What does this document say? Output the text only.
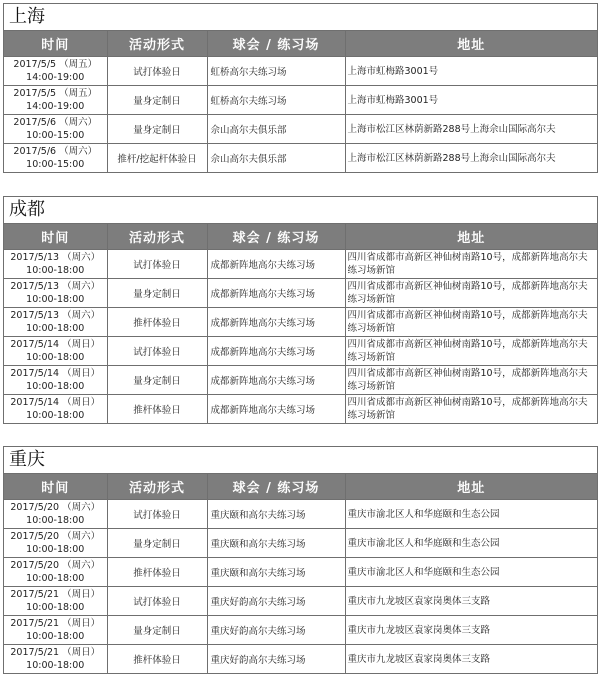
上海
时间	活动形式	球会 / 练习场	地址

2017/5/5 （周五）
14:00-19:00	试打体验日	虹桥高尔夫练习场	上海市虹梅路3001号

2017/5/5 （周五）
14:00-19:00	量身定制日	虹桥高尔夫练习场	上海市虹梅路3001号

2017/5/6 （周六）
10:00-15:00	量身定制日	佘山高尔夫俱乐部	上海市松江区林荫新路288号上海佘山国际高尔夫

2017/5/6 （周六）
10:00-15:00	推杆/挖起杆体验日	佘山高尔夫俱乐部	上海市松江区林荫新路288号上海佘山国际高尔夫
成都
时间	活动形式	球会 / 练习场	地址

2017/5/13 （周六）
10:00-18:00	试打体验日	成都新阵地高尔夫练习场	四川省成都市高新区神仙树南路10号，成都新阵地高尔夫练习场新馆

2017/5/13 （周六）
10:00-18:00	量身定制日	成都新阵地高尔夫练习场	四川省成都市高新区神仙树南路10号，成都新阵地高尔夫练习场新馆

2017/5/13 （周六）
10:00-18:00	推杆体验日	成都新阵地高尔夫练习场	四川省成都市高新区神仙树南路10号，成都新阵地高尔夫练习场新馆

2017/5/14 （周日）
10:00-18:00	试打体验日	成都新阵地高尔夫练习场	四川省成都市高新区神仙树南路10号，成都新阵地高尔夫练习场新馆

2017/5/14 （周日）
10:00-18:00	量身定制日	成都新阵地高尔夫练习场	四川省成都市高新区神仙树南路10号，成都新阵地高尔夫练习场新馆

2017/5/14 （周日）
10:00-18:00	推杆体验日	成都新阵地高尔夫练习场	四川省成都市高新区神仙树南路10号，成都新阵地高尔夫练习场新馆
重庆
时间	活动形式	球会 / 练习场	地址

2017/5/20 （周六）
10:00-18:00	试打体验日	重庆颐和高尔夫练习场	重庆市渝北区人和华庭颐和生态公园

2017/5/20 （周六）
10:00-18:00	量身定制日	重庆颐和高尔夫练习场	重庆市渝北区人和华庭颐和生态公园

2017/5/20 （周六）
10:00-18:00	推杆体验日	重庆颐和高尔夫练习场	重庆市渝北区人和华庭颐和生态公园

2017/5/21 （周日）
10:00-18:00	试打体验日	重庆好韵高尔夫练习场	重庆市九龙坡区袁家岗奥体三支路

2017/5/21 （周日）
10:00-18:00	量身定制日	重庆好韵高尔夫练习场	重庆市九龙坡区袁家岗奥体三支路

2017/5/21 （周日）
10:00-18:00	推杆体验日	重庆好韵高尔夫练习场	重庆市九龙坡区袁家岗奥体三支路
